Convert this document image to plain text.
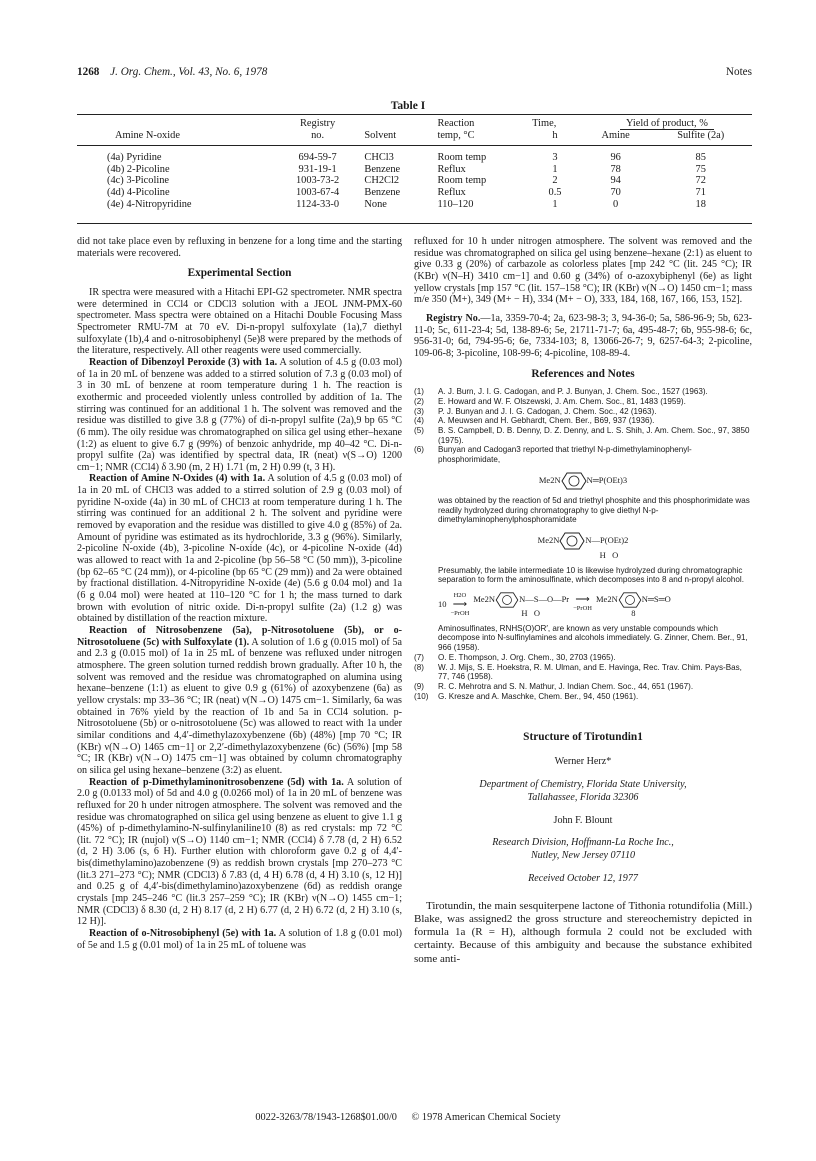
1268 J. Org. Chem., Vol. 43, No. 6, 1978	Notes
Table I
	Registry		Reaction	Time,	Yield of product, %	
Amine N-oxide	no.	Solvent	temp, °C	h	Amine	Sulfite (2a)

(4a) Pyridine	694-59-7	CHCl3	Room temp	3	96	85
(4b) 2-Picoline	931-19-1	Benzene	Reflux	1	78	75
(4c) 3-Picoline	1003-73-2	CH2Cl2	Room temp	2	94	72
(4d) 4-Picoline	1003-67-4	Benzene	Reflux	0.5	70	71
(4e) 4-Nitropyridine	1124-33-0	None	110–120	1	0	18

did not take place even by refluxing in benzene for a long time and the starting materials were recovered.

Experimental Section

IR spectra were measured with a Hitachi EPI-G2 spectrometer. NMR spectra were determined in CCl4 or CDCl3 solution with a JEOL JNM-PMX-60 spectrometer. Mass spectra were obtained on a Hitachi Double Focusing Mass Spectrometer RMU-7M at 70 eV. Di-n-propyl sulfoxylate (1a),7 diethyl sulfoxylate (1b),4 and o-nitrosobiphenyl (5e)8 were prepared by the methods of the literature, respectively. All other reagents were used commercially.

Reaction of Dibenzoyl Peroxide (3) with 1a. A solution of 4.5 g (0.03 mol) of 1a in 20 mL of benzene was added to a stirred solution of 7.3 g (0.03 mol) of 3 in 30 mL of benzene at room temperature during 1 h. The reaction is exothermic and proceeded violently unless controlled by addition of 1a. The stirring was continued for an additional 1 h. The solvent was removed and the residue was distilled to give 3.8 g (77%) of di-n-propyl sulfite (2a),9 bp 65 °C (6 mm). The oily residue was chromatographed on silica gel using ether–hexane (1:2) as eluent to give 6.7 g (99%) of benzoic anhydride, mp 40–42 °C. Di-n-propyl sulfite (2a) was identified by spectral data, IR (neat) ν(S→O) 1200 cm−1; NMR (CCl4) δ 3.90 (m, 2 H) 1.71 (m, 2 H) 0.99 (t, 3 H).

Reaction of Amine N-Oxides (4) with 1a. A solution of 4.5 g (0.03 mol) of 1a in 20 mL of CHCl3 was added to a stirred solution of 2.9 g (0.03 mol) of pyridine N-oxide (4a) in 30 mL of CHCl3 at room temperature during 1 h. The stirring was continued for an additional 2 h. The solvent and pyridine were removed by evaporation and the residue was distilled to give 4.0 g (85%) of 2a. Amount of pyridine was estimated as its hydrochloride, 3.3 g (96%). Similarly, 2-picoline N-oxide (4b), 3-picoline N-oxide (4c), or 4-picoline N-oxide (4d) was allowed to react with 1a and 2-picoline (bp 56–58 °C (50 mm)), 3-picoline (bp 62–65 °C (24 mm)), or 4-picoline (bp 65 °C (29 mm)) and 2a were obtained by fractional distillation. 4-Nitropyridine N-oxide (4e) (5.6 g 0.04 mol) and 1a (6 g 0.04 mol) were heated at 110–120 °C for 1 h; the mass turned to dark brown with evolution of nitric oxide. Di-n-propyl sulfite (2a) (1.2 g) was obtained by distillation of the reaction mixture.

Reaction of Nitrosobenzene (5a), p-Nitrosotoluene (5b), or o-Nitrosotoluene (5c) with Sulfoxylate (1). A solution of 1.6 g (0.015 mol) of 5a and 2.3 g (0.015 mol) of 1a in 25 mL of benzene was refluxed under nitrogen atmosphere. The green solution turned reddish brown gradually. After 10 h, the solvent was removed and the residue was chromatographed on alumina using hexane–benzene (1:1) as eluent to give 0.9 g (61%) of azoxybenzene (6a) as yellow crystals: mp 33–36 °C; IR (neat) ν(N→O) 1475 cm−1. Similarly, 6a was obtained in 76% yield by the reaction of 1b and 5a in CCl4 solution. p-Nitrosotoluene (5b) or o-nitrosotoluene (5c) was allowed to react with 1a under similar conditions and 4,4′-dimethylazoxybenzene (6b) (48%) [mp 70 °C; IR (KBr) ν(N→O) 1465 cm−1] or 2,2′-dimethylazoxybenzene (6c) (56%) [mp 58 °C; IR (KBr) ν(N→O) 1475 cm−1] was obtained by column chromatography on silica gel using hexane–benzene (3:2) as eluent.

Reaction of p-Dimethylaminonitrosobenzene (5d) with 1a. A solution of 2.0 g (0.0133 mol) of 5d and 4.0 g (0.0266 mol) of 1a in 20 mL of benzene was refluxed for 20 h under nitrogen atmosphere. The solvent was removed and the residue was chromatographed on silica gel using benzene as eluent to give 1.1 g (45%) of p-dimethylamino-N-sulfinylaniline10 (8) as red crystals: mp 72 °C (lit. 72 °C); IR (nujol) ν(S→O) 1140 cm−1; NMR (CCl4) δ 7.78 (d, 2 H) 6.52 (d, 2 H) 3.06 (s, 6 H). Further elution with chloroform gave 0.2 g of 4,4′-bis(dimethylamino)azobenzene (9) as reddish brown crystals [mp 270–273 °C (lit.3 271–273 °C); NMR (CDCl3) δ 7.83 (d, 4 H) 6.78 (d, 4 H) 3.10 (s, 12 H)] and 0.25 g of 4,4′-bis(dimethylamino)azoxybenzene (6d) as reddish orange crystals [mp 245–246 °C (lit.3 257–259 °C); IR (KBr) ν(N→O) 1455 cm−1; NMR (CDCl3) δ 8.30 (d, 2 H) 8.17 (d, 2 H) 6.77 (d, 2 H) 6.72 (d, 2 H) 3.10 (s, 12 H)].

Reaction of o-Nitrosobiphenyl (5e) with 1a. A solution of 1.8 g (0.01 mol) of 5e and 1.5 g (0.01 mol) of 1a in 25 mL of toluene was

refluxed for 10 h under nitrogen atmosphere. The solvent was removed and the residue was chromatographed on silica gel using benzene–hexane (2:1) as eluent to give 0.33 g (20%) of carbazole as colorless plates [mp 242 °C (lit. 245 °C); IR (KBr) ν(N–H) 3410 cm−1] and 0.60 g (34%) of o-azoxybiphenyl (6e) as light yellow crystals [mp 157 °C (lit. 157–158 °C); IR (KBr) ν(N→O) 1450 cm−1; mass m/e 350 (M+), 349 (M+ − H), 334 (M+ − O), 333, 184, 168, 167, 166, 153, 152].

Registry No.—1a, 3359-70-4; 2a, 623-98-3; 3, 94-36-0; 5a, 586-96-9; 5b, 623-11-0; 5c, 611-23-4; 5d, 138-89-6; 5e, 21711-71-7; 6a, 495-48-7; 6b, 955-98-6; 6c, 956-31-0; 6d, 794-95-6; 6e, 7334-103; 8, 13066-26-7; 9, 6257-64-3; 2-picoline, 109-06-8; 3-picoline, 108-99-6; 4-picoline, 108-89-4.

References and Notes
(1)	A. J. Burn, J. I. G. Cadogan, and P. J. Bunyan, J. Chem. Soc., 1527 (1963).
(2)	E. Howard and W. F. Olszewski, J. Am. Chem. Soc., 81, 1483 (1959).
(3)	P. J. Bunyan and J. I. G. Cadogan, J. Chem. Soc., 42 (1963).
(4)	A. Meuwsen and H. Gebhardt, Chem. Ber., B69, 937 (1936).
(5)	B. S. Campbell, D. B. Denny, D. Z. Denny, and L. S. Shih, J. Am. Chem. Soc., 97, 3850 (1975).
(6)	Bunyan and Cadogan3 reported that triethyl N-p-dimethylaminophenyl-phosphorimidate,
Me2N	N═P(OEt)3
was obtained by the reaction of 5d and triethyl phosphite and this phosphorimidate was readily hydrolyzed during chromatography to give diethyl N-p-dimethylaminophenylphosphoramidate
Me2N	N—P(OEt)2
H   O
Presumably, the labile intermediate 10 is likewise hydrolyzed during chromatographic separation to form the aminosulfinate, which decomposes into 8 and n-propyl alcohol.
10
H2O
⟶
−PrOH
Me2N	N—S—O—Pr
H   O
⟶
−PrOH
Me2N	N═S═O
8
Aminosulfinates, RNHS(O)OR′, are known as very unstable compounds which decompose into N-sulfinylamines and alcohols immediately. G. Zinner, Chem. Ber., 91, 966 (1958).
(7)	O. E. Thompson, J. Org. Chem., 30, 2703 (1965).
(8)	W. J. Mijs, S. E. Hoekstra, R. M. Ulman, and E. Havinga, Rec. Trav. Chim. Pays-Bas, 77, 746 (1958).
(9)	R. C. Mehrotra and S. N. Mathur, J. Indian Chem. Soc., 44, 651 (1967).
(10)	G. Kresze and A. Maschke, Chem. Ber., 94, 450 (1961).
Structure of Tirotundin1
Werner Herz*
Department of Chemistry, Florida State University,
Tallahassee, Florida 32306
John F. Blount
Research Division, Hoffmann-La Roche Inc.,
Nutley, New Jersey 07110
Received October 12, 1977

Tirotundin, the main sesquiterpene lactone of Tithonia rotundifolia (Mill.) Blake, was assigned2 the gross structure and stereochemistry depicted in formula 1a (R = H), although formula 2 could not be excluded with certainty. Because of this ambiguity and because the substance exhibited some anti-

0022-3263/78/1943-1268$01.00/0 © 1978 American Chemical Society
